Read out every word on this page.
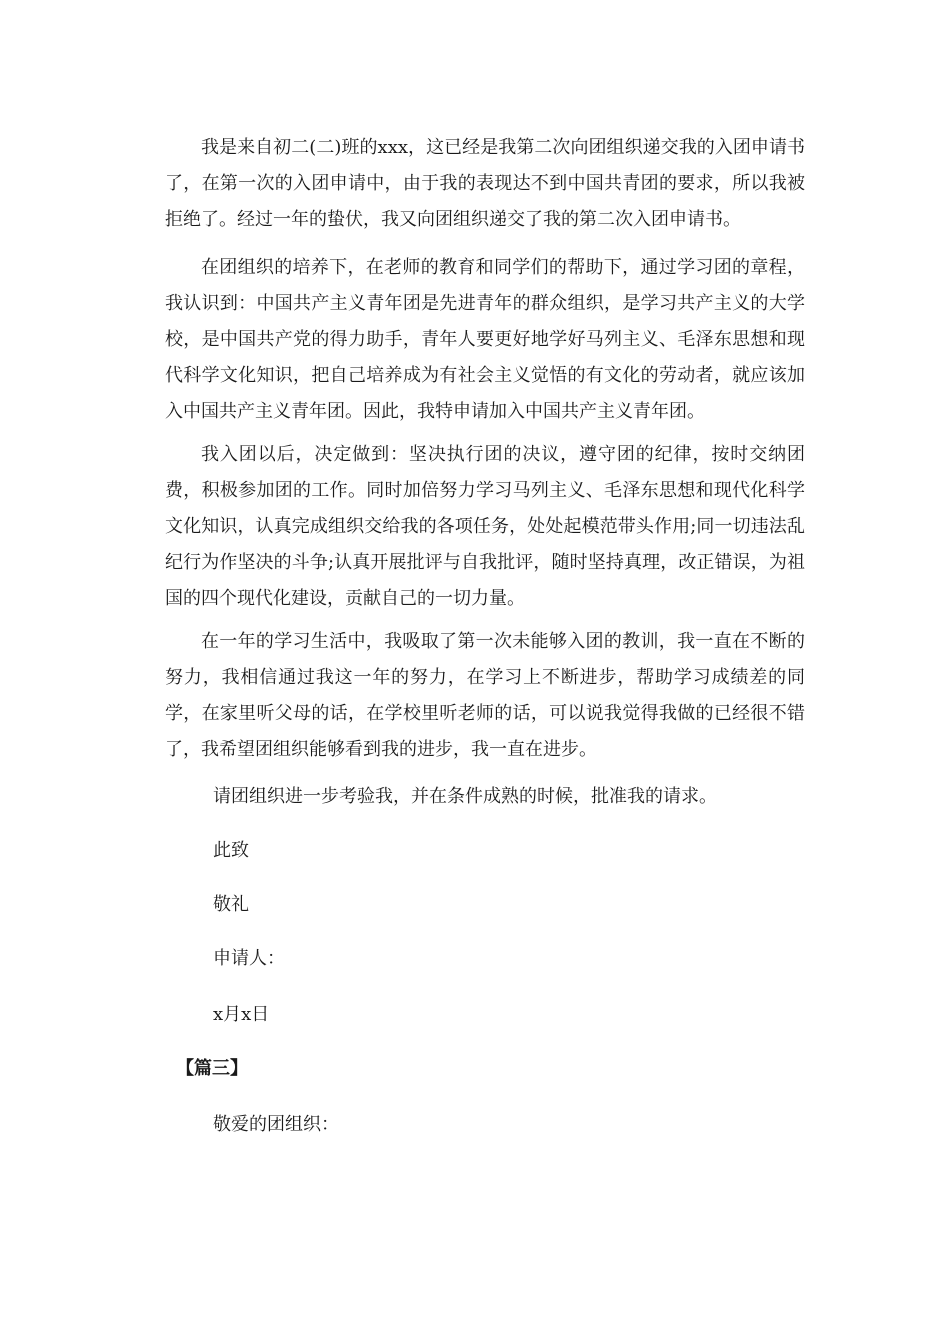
我是来自初二(二)班的xxx，这已经是我第二次向团组织递交我的入团申请书了，在第一次的入团申请中，由于我的表现达不到中国共青团的要求，所以我被拒绝了。经过一年的蛰伏，我又向团组织递交了我的第二次入团申请书。

在团组织的培养下，在老师的教育和同学们的帮助下，通过学习团的章程，我认识到：中国共产主义青年团是先进青年的群众组织，是学习共产主义的大学校，是中国共产党的得力助手，青年人要更好地学好马列主义、毛泽东思想和现代科学文化知识，把自己培养成为有社会主义觉悟的有文化的劳动者，就应该加入中国共产主义青年团。因此，我特申请加入中国共产主义青年团。

我入团以后，决定做到：坚决执行团的决议，遵守团的纪律，按时交纳团费，积极参加团的工作。同时加倍努力学习马列主义、毛泽东思想和现代化科学文化知识，认真完成组织交给我的各项任务，处处起模范带头作用;同一切违法乱纪行为作坚决的斗争;认真开展批评与自我批评，随时坚持真理，改正错误，为祖国的四个现代化建设，贡献自己的一切力量。

在一年的学习生活中，我吸取了第一次未能够入团的教训，我一直在不断的努力，我相信通过我这一年的努力，在学习上不断进步，帮助学习成绩差的同学，在家里听父母的话，在学校里听老师的话，可以说我觉得我做的已经很不错了，我希望团组织能够看到我的进步，我一直在进步。

请团组织进一步考验我，并在条件成熟的时候，批准我的请求。

此致

敬礼

申请人：

x月x日

【篇三】

敬爱的团组织：
